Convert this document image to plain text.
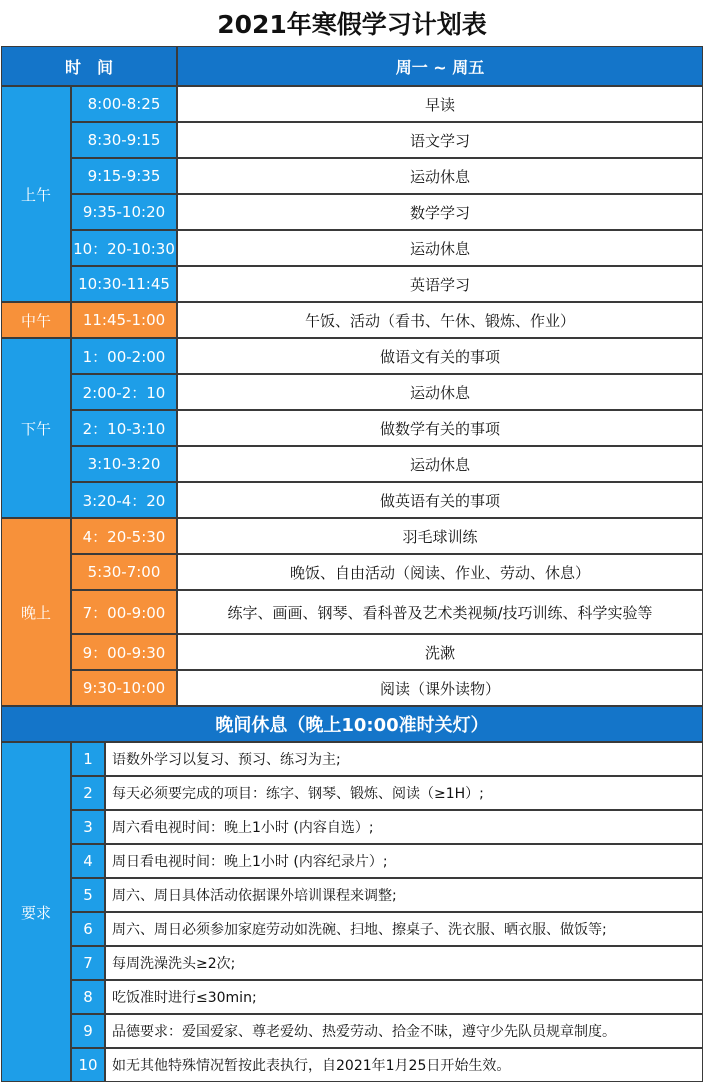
2021年寒假学习计划表
时　间	周一 ~ 周五
8:00-8:25	早读
8:30-9:15	语文学习
9:15-9:35	运动休息
9:35-10:20	数学学习
10：20-10:30	运动休息
10:30-11:45	英语学习
上午
11:45-1:00	午饭、活动（看书、午休、锻炼、作业）
中午
1：00-2:00	做语文有关的事项
2:00-2：10	运动休息
2：10-3:10	做数学有关的事项
3:10-3:20	运动休息
3:20-4：20	做英语有关的事项
下午
4：20-5:30	羽毛球训练
5:30-7:00	晚饭、自由活动（阅读、作业、劳动、休息）
7：00-9:00	练字、画画、钢琴、看科普及艺术类视频/技巧训练、科学实验等
9：00-9:30	洗漱
9:30-10:00	阅读（课外读物）
晚上
晚间休息（晚上10:00准时关灯）
1	语数外学习以复习、预习、练习为主;
2	每天必须要完成的项目：练字、钢琴、锻炼、阅读（≥1H）;
3	周六看电视时间：晚上1小时 (内容自选）;
4	周日看电视时间：晚上1小时 (内容纪录片）;
5	周六、周日具体活动依据课外培训课程来调整;
6	周六、周日必须参加家庭劳动如洗碗、扫地、擦桌子、洗衣服、晒衣服、做饭等;
7	每周洗澡洗头≥2次;
8	吃饭准时进行≤30min;
9	品德要求：爱国爱家、尊老爱幼、热爱劳动、拾金不昧，遵守少先队员规章制度。
10	如无其他特殊情况暂按此表执行，自2021年1月25日开始生效。
要求
